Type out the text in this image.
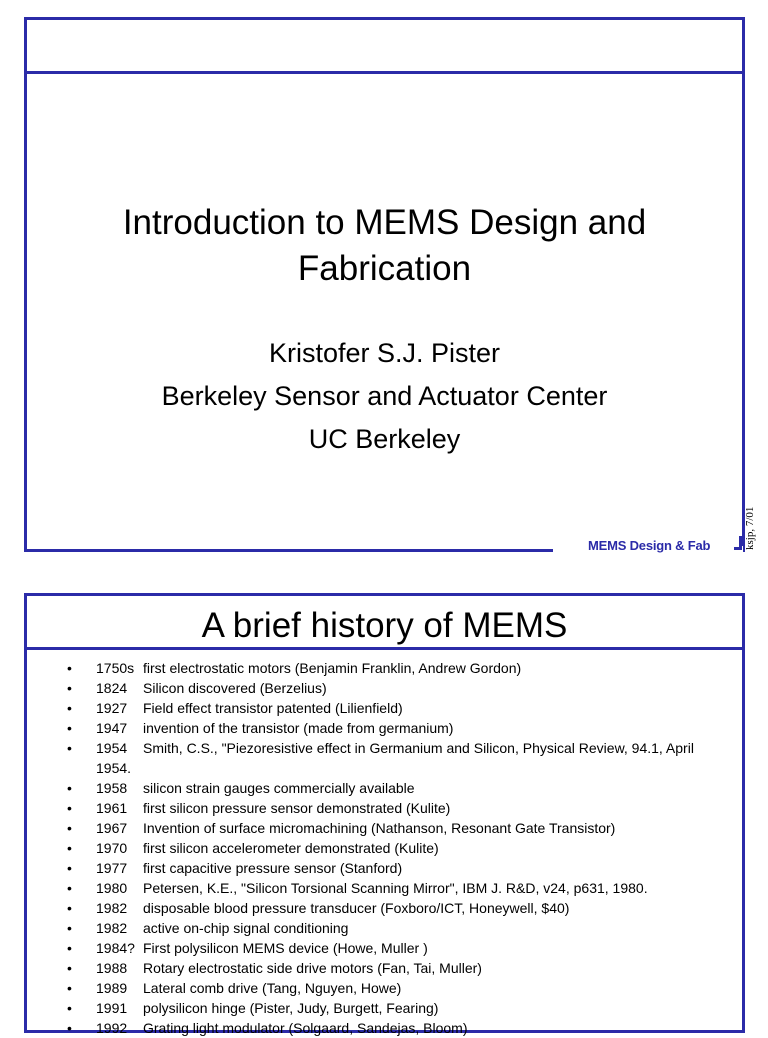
Introduction to MEMS Design and
Fabrication
Kristofer S.J. Pister
Berkeley Sensor and Actuator Center
UC Berkeley
MEMS Design & Fab	ksjp, 7/01
A brief history of MEMS
• 1750s first electrostatic motors (Benjamin Franklin, Andrew Gordon)
• 1824 Silicon discovered (Berzelius)
• 1927 Field effect transistor patented (Lilienfield)
• 1947 invention of the transistor (made from germanium)
• 1954 Smith, C.S., "Piezoresistive effect in Germanium and Silicon, Physical Review, 94.1, April 1954.
• 1958 silicon strain gauges commercially available
• 1961 first silicon pressure sensor demonstrated (Kulite)
• 1967 Invention of surface micromachining (Nathanson, Resonant Gate Transistor)
• 1970 first silicon accelerometer demonstrated (Kulite)
• 1977 first capacitive pressure sensor (Stanford)
• 1980 Petersen, K.E., "Silicon Torsional Scanning Mirror", IBM J. R&D, v24, p631, 1980.
• 1982 disposable blood pressure transducer (Foxboro/ICT, Honeywell, $40)
• 1982 active on-chip signal conditioning
• 1984? First polysilicon MEMS device (Howe, Muller )
• 1988 Rotary electrostatic side drive motors (Fan, Tai, Muller)
• 1989 Lateral comb drive (Tang, Nguyen, Howe)
• 1991 polysilicon hinge (Pister, Judy, Burgett, Fearing)
• 1992 Grating light modulator (Solgaard, Sandejas, Bloom)
